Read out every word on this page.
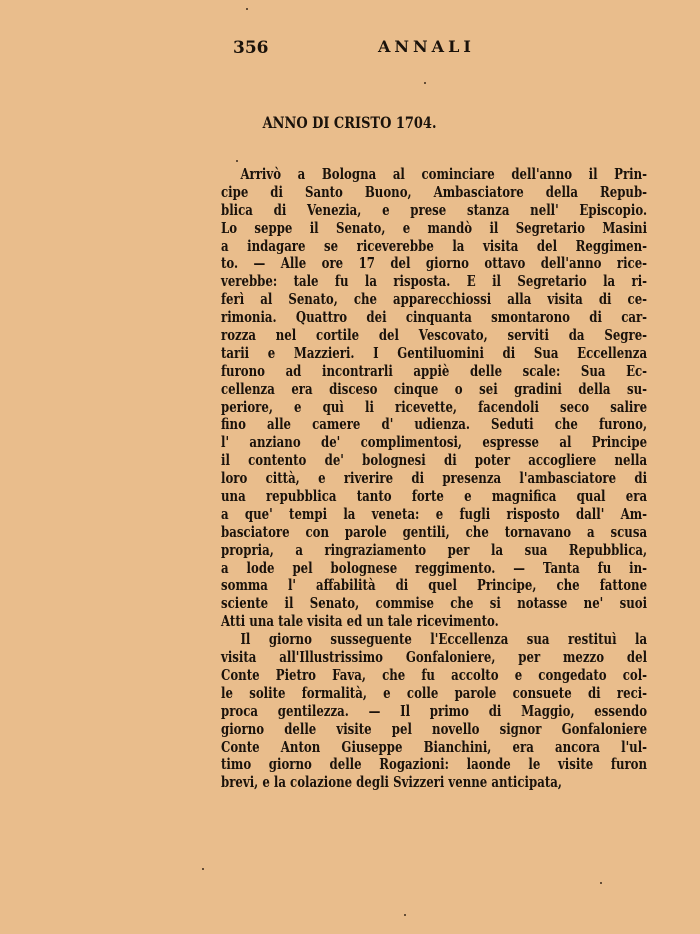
356	ANNALI
ANNO DI CRISTO 1704.
Arrivò a Bologna al cominciare dell'anno il Prin-
cipe di Santo Buono, Ambasciatore della Repub-
blica di Venezia, e prese stanza nell' Episcopio.
Lo seppe il Senato, e mandò il Segretario Masini
a indagare se riceverebbe la visita del Reggimen-
to. — Alle ore 17 del giorno ottavo dell'anno rice-
verebbe: tale fu la risposta. E il Segretario la ri-
ferì al Senato, che apparecchiossi alla visita di ce-
rimonia. Quattro dei cinquanta smontarono di car-
rozza nel cortile del Vescovato, serviti da Segre-
tarii e Mazzieri. I Gentiluomini di Sua Eccellenza
furono ad incontrarli appiè delle scale: Sua Ec-
cellenza era disceso cinque o sei gradini della su-
periore, e quì li ricevette, facendoli seco salire
fino alle camere d' udienza. Seduti che furono,
l' anziano de' complimentosi, espresse al Principe
il contento de' bolognesi di poter accogliere nella
loro città, e riverire di presenza l'ambasciatore di
una repubblica tanto forte e magnifica qual era
a que' tempi la veneta: e fugli risposto dall' Am-
basciatore con parole gentili, che tornavano a scusa
propria, a ringraziamento per la sua Repubblica,
a lode pel bolognese reggimento. — Tanta fu in-
somma l' affabilità di quel Principe, che fattone
sciente il Senato, commise che si notasse ne' suoi
Atti una tale visita ed un tale ricevimento.
Il giorno susseguente l'Eccellenza sua restituì la
visita all'Illustrissimo Gonfaloniere, per mezzo del
Conte Pietro Fava, che fu accolto e congedato col-
le solite formalità, e colle parole consuete di reci-
proca gentilezza. — Il primo di Maggio, essendo
giorno delle visite pel novello signor Gonfaloniere
Conte Anton Giuseppe Bianchini, era ancora l'ul-
timo giorno delle Rogazioni: laonde le visite furon
brevi, e la colazione degli Svizzeri venne anticipata,
